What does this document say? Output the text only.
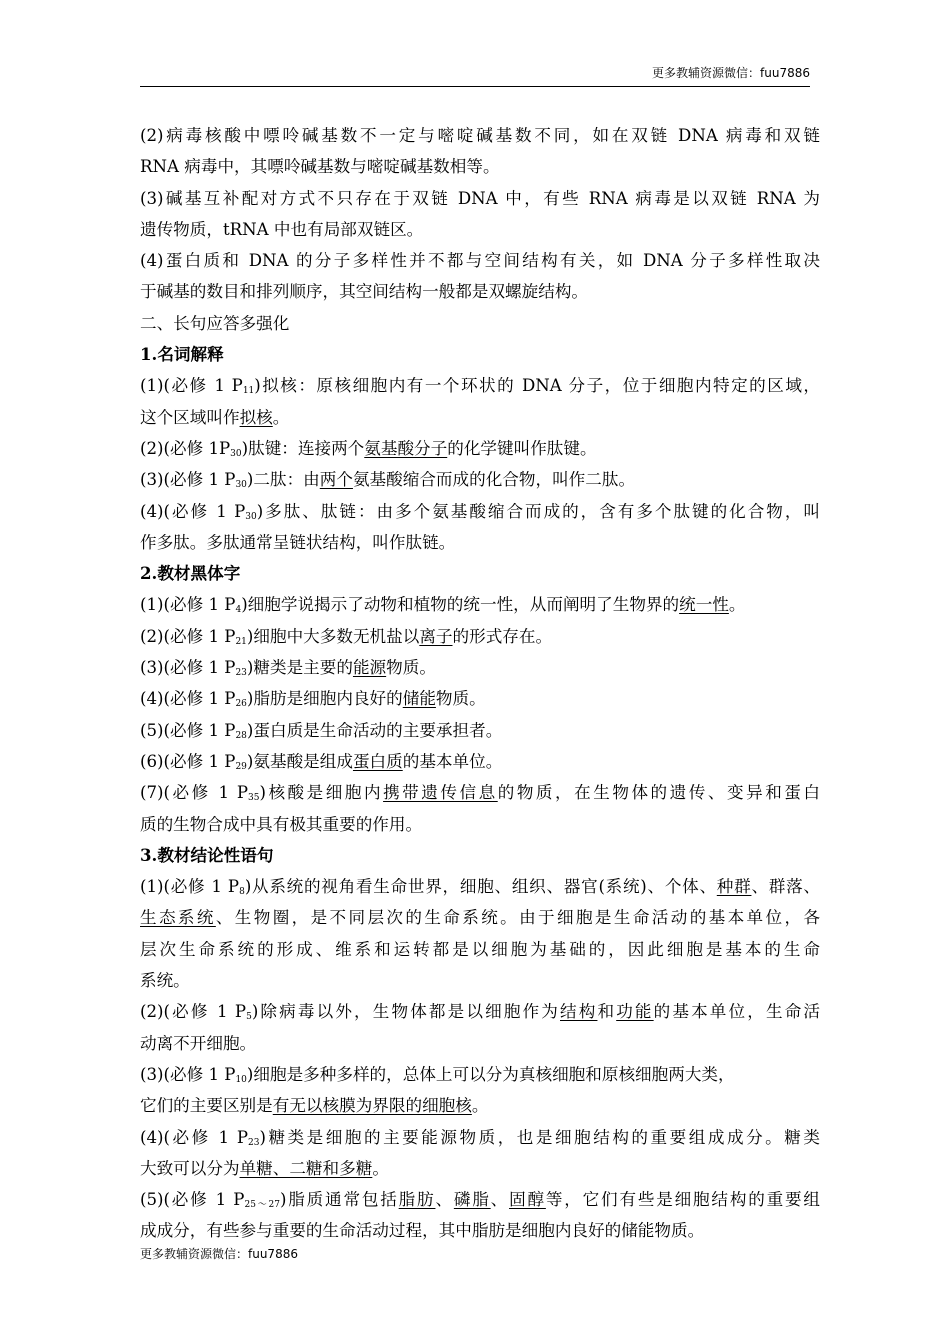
更多教辅资源微信：fuu7886
(2)病毒核酸中嘌呤碱基数不一定与嘧啶碱基数不同，如在双链 DNA 病毒和双链
RNA 病毒中，其嘌呤碱基数与嘧啶碱基数相等。
(3)碱基互补配对方式不只存在于双链 DNA 中，有些 RNA 病毒是以双链 RNA 为
遗传物质，tRNA 中也有局部双链区。
(4)蛋白质和 DNA 的分子多样性并不都与空间结构有关，如 DNA 分子多样性取决
于碱基的数目和排列顺序，其空间结构一般都是双螺旋结构。
二、长句应答多强化
1.名词解释
(1)(必修 1 $P_{11}$)拟核：原核细胞内有一个环状的 DNA 分子，位于细胞内特定的区域，
这个区域叫作拟核。
(2)(必修 $1P_{30}$)肽键：连接两个氨基酸分子的化学键叫作肽键。
(3)(必修 1 $P_{30}$)二肽：由两个氨基酸缩合而成的化合物，叫作二肽。
(4)(必修 1 $P_{30}$)多肽、肽链：由多个氨基酸缩合而成的，含有多个肽键的化合物，叫
作多肽。多肽通常呈链状结构，叫作肽链。
2.教材黑体字
(1)(必修 1 $P_4$)细胞学说揭示了动物和植物的统一性，从而阐明了生物界的统一性。
(2)(必修 1 $P_{21}$)细胞中大多数无机盐以离子的形式存在。
(3)(必修 1 $P_{23}$)糖类是主要的能源物质。
(4)(必修 1 $P_{26}$)脂肪是细胞内良好的储能物质。
(5)(必修 1 $P_{28}$)蛋白质是生命活动的主要承担者。
(6)(必修 1 $P_{29}$)氨基酸是组成蛋白质的基本单位。
(7)(必修 1 $P_{35}$)核酸是细胞内携带遗传信息的物质，在生物体的遗传、变异和蛋白
质的生物合成中具有极其重要的作用。
3.教材结论性语句
(1)(必修 1 $P_8$)从系统的视角看生命世界，细胞、组织、器官(系统)、个体、种群、群落、
生态系统、生物圈，是不同层次的生命系统。由于细胞是生命活动的基本单位，各
层次生命系统的形成、维系和运转都是以细胞为基础的，因此细胞是基本的生命
系统。
(2)(必修 1 $P_5$)除病毒以外，生物体都是以细胞作为结构和功能的基本单位，生命活
动离不开细胞。
(3)(必修 1 $P_{10}$)细胞是多种多样的，总体上可以分为真核细胞和原核细胞两大类，
它们的主要区别是有无以核膜为界限的细胞核。
(4)(必修 1 $P_{23}$)糖类是细胞的主要能源物质，也是细胞结构的重要组成成分。糖类
大致可以分为单糖、二糖和多糖。
(5)(必修 1 $P_{25\sim 27}$)脂质通常包括脂肪、磷脂、固醇等，它们有些是细胞结构的重要组
成成分，有些参与重要的生命活动过程，其中脂肪是细胞内良好的储能物质。
更多教辅资源微信：fuu7886
